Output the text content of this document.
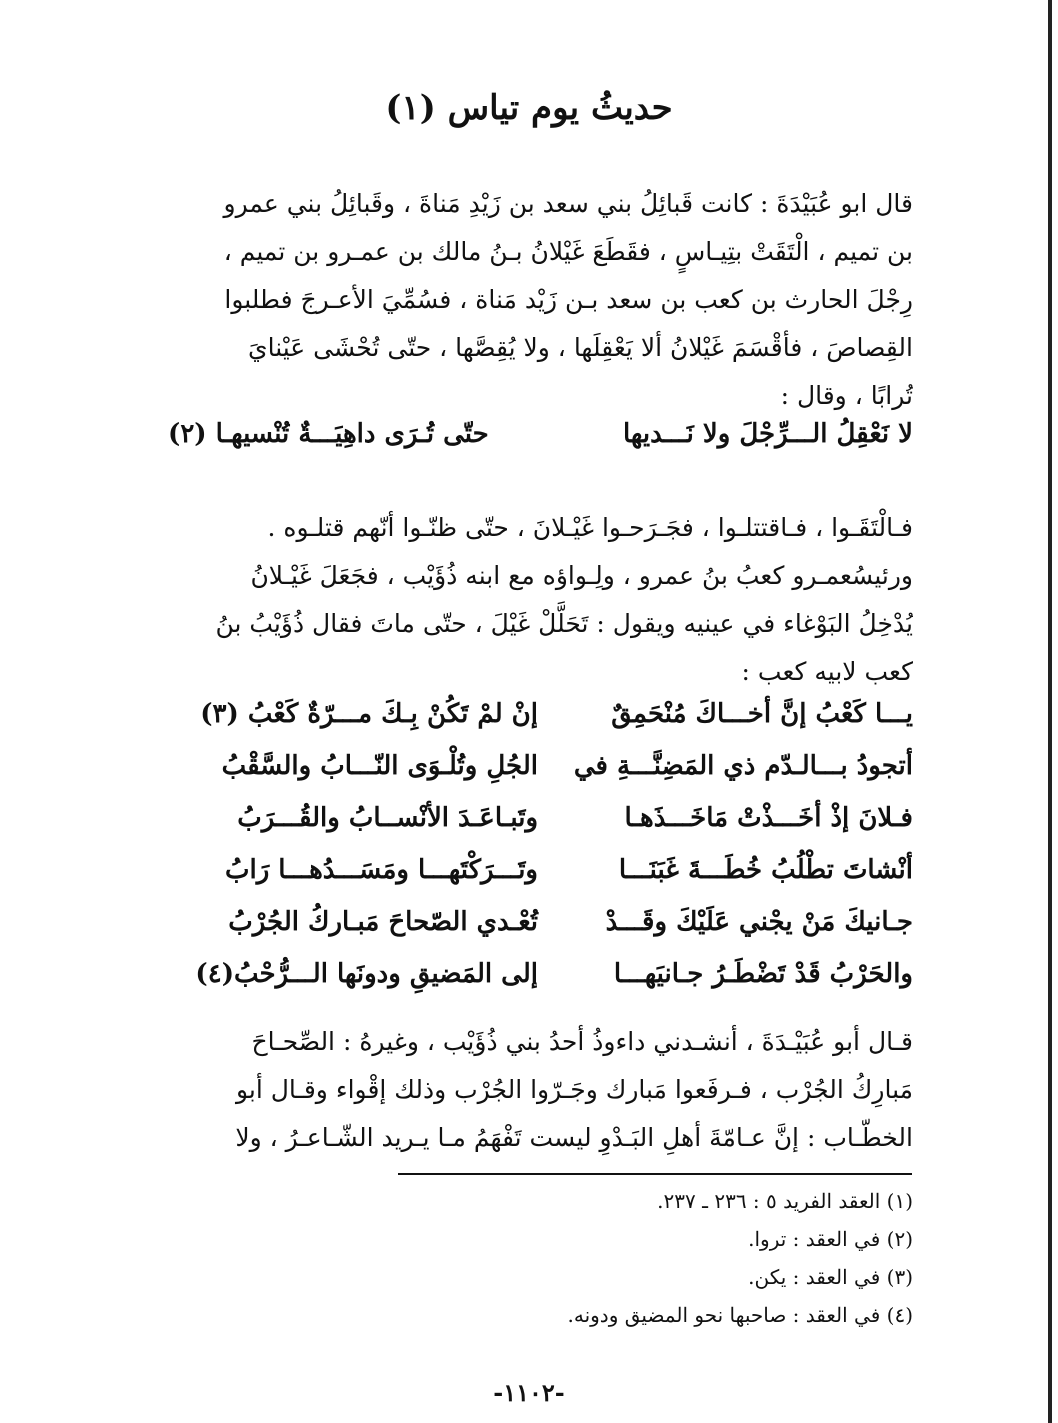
حديثُ يوم تياس (١)
قال ابو عُبَيْدَةَ : كانت قَبائِلُ بني سعد بن زَيْدِ مَناةَ ، وقَبائِلُ بني عمرو
بن تميم ، الْتَقَتْ بتِيـاسٍ ، فقَطَعَ غَيْلانُ بـنُ مالك بن عمـرو بن تميم ،
رِجْلَ الحارث بن كعب بن سعد بـن زَيْد مَناة ، فسُمِّيَ الأعـرجَ فطلبوا
القِصاصَ ، فأقْسَمَ غَيْلانُ ألا يَعْقِلَها ، ولا يُقِصَّها ، حتّى تُحْشَى عَيْنايَ
تُرابًا ، وقال :
لا نَعْقِلُ الـــرِّجْلَ ولا نَـــديها
حتّى تُـرَى داهِيَـــةٌ تُنْسيهـا (٢)
فـالْتَقَـوا ، فـاقتتلـوا ، فجَـرَحـوا غَيْـلانَ ، حتّى ظنّـوا أنّهم قتلـوه .
ورئيسُعمـرو كعبُ بنُ عمرو ، ولِـواؤه مع ابنه ذُؤَيْب ، فجَعَلَ غَيْـلانُ
يُدْخِلُ البَوْغاء في عينيه ويقول : تَحَلَّلْ غَيْلَ ، حتّى ماتَ فقال ذُؤَيْبُ بنُ
كعب لابيه كعب :
يـــا كَعْبُ إنَّ أخـــاكَ مُنْحَمِقٌ
إنْ لمْ تَكُنْ بِـكَ مـــرّةٌ كَعْبُ (٣)
أتجودُ بـــالـدّم ذي المَضِنَّـــةِ في
الجُلِ وتُلْـوَى النّـــابُ والسَّقْبُ
فـلانَ إذْ أخَـــذْتْ مَاخَـــذَهـا
وتَبـاعَـدَ الأنْســابُ والقُـــرَبُ
أنْشاتَ تطْلُبُ خُطَـــةَ غَبَنَـــا
وتَـــرَكْتَهـــا ومَسَـــدُهـــا رَابُ
جـانيكَ مَنْ يجْني عَلَيْكَ وقَـــدْ
تُعْـدي الصّحاحَ مَبـاركُ الجُرْبُ
والحَرْبُ قَدْ تَضْطَـرُ جـانيَهـــا
إلى المَضيقِ ودونَها الـــرُّحْبُ(٤)
قـال أبو عُبَيْـدَةَ ، أنشـدني داءوذُ أحدُ بني ذُؤَيْب ، وغيرهُ : الصِّحـاحَ
مَبارِكُ الجُرْب ، فـرفَعوا مَبارك وجَـرّوا الجُرْب وذلك إقْواء وقـال أبو
الخطّـاب : إنَّ عـامّةَ أهلِ البَـدْوِ ليست تَفْهَمُ مـا يـريد الشّـاعـرُ ، ولا
(١) العقد الفريد ٥ : ٢٣٦ ـ ٢٣٧.
(٢) في العقد : تروا.
(٣) في العقد : يكن.
(٤) في العقد : صاحبها نحو المضيق ودونه.
-١١٠٢-
